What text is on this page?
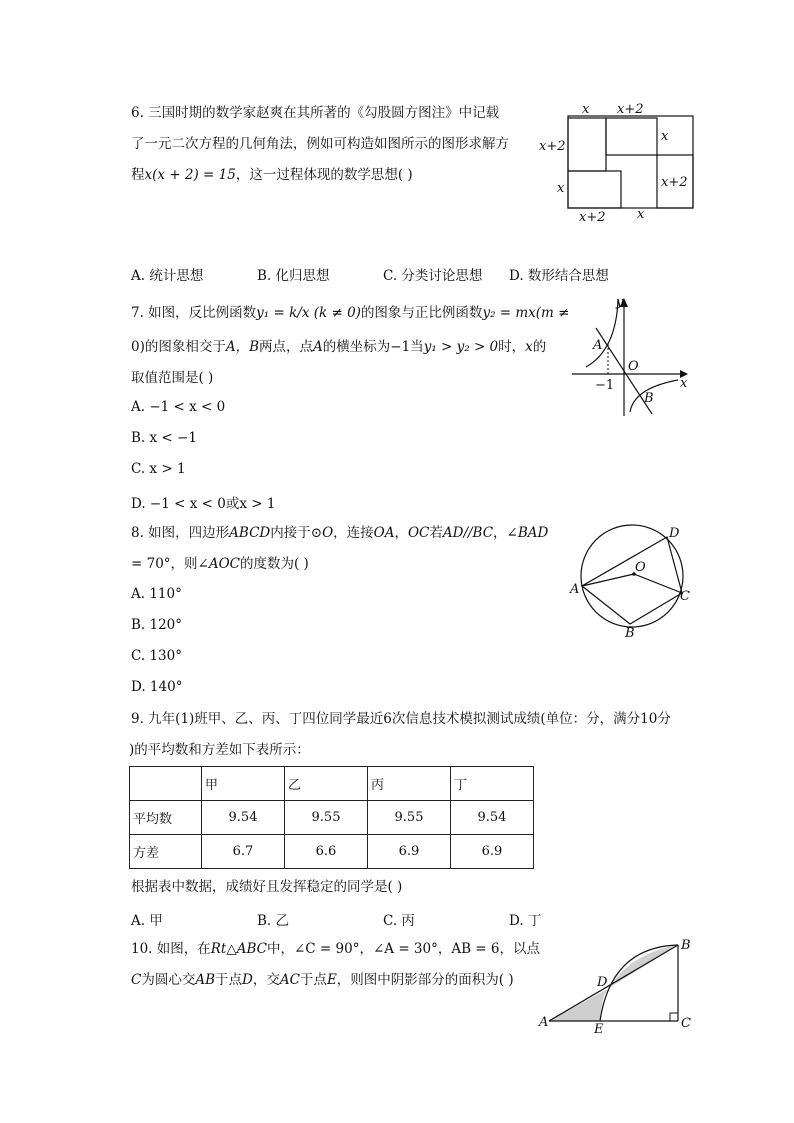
6. 三国时期的数学家赵爽在其所著的《勾股圆方图注》中记载
了一元二次方程的几何角法，例如可构造如图所示的图形求解方
程x(x + 2) = 15，这一过程体现的数学思想( )
x x+2
x+2
x
x+2
x
x+2 x
A. 统计思想	B. 化归思想	C. 分类讨论思想 D. 数形结合思想
7. 如图，反比例函数y₁ = k/x (k ≠ 0)的图象与正比例函数y₂ = mx(m ≠
0)的图象相交于A，B两点，点A的横坐标为−1当y₁ > y₂ > 0时，x的
取值范围是( )
A. −1 < x < 0
B. x < −1
C. x > 1
D. −1 < x < 0或x > 1
y
x
O
A
B
−1
8. 如图，四边形ABCD内接于⊙O，连接OA，OC若AD//BC，∠BAD
= 70°，则∠AOC的度数为( )
A. 110°
B. 120°
C. 130°
D. 140°
A
B
C
D
O
9. 九年(1)班甲、乙、丙、丁四位同学最近6次信息技术模拟测试成绩(单位：分，满分10分
)的平均数和方差如下表所示：
	甲	乙	丙	丁
平均数	9.54	9.55	9.55	9.54
方差	6.7	6.6	6.9	6.9
根据表中数据，成绩好且发挥稳定的同学是( )
A. 甲	B. 乙	C. 丙	D. 丁
10. 如图，在Rt△ABC中，∠C = 90°，∠A = 30°，AB = 6，以点
C为圆心交AB于点D，交AC于点E，则图中阴影部分的面积为( )
A
B
C
D
E
